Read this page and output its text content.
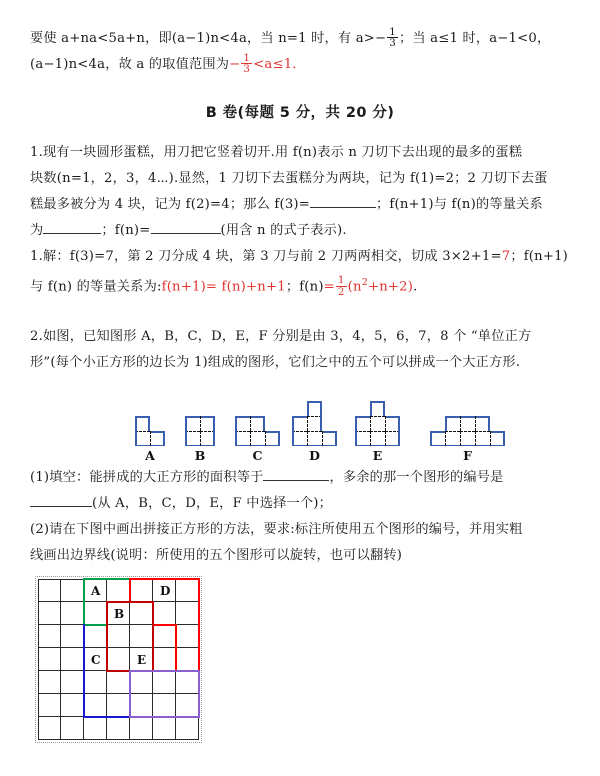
要使 a+na<5a+n，即(a−1)n<4a，当 n=1 时，有 $a>- \frac{1}{3}$ ；当 a≤1 时，a−1<0，

(a−1)n<4a，故 a 的取值范围为− $\frac{1}{3} <a\le 1$．

B 卷(每题 5 分，共 20 分)

1.现有一块圆形蛋糕，用刀把它竖着切开.用 f(n)表示 n 刀切下去出现的最多的蛋糕

块数(n=1，2，3，4⋯).显然，1 刀切下去蛋糕分为两块，记为 f(1)=2；2 刀切下去蛋

糕最多被分为 4 块，记为 f(2)=4；那么 f(3)=	；f(n+1)与 f(n)的等量关系

为	；f(n)=	(用含 n 的式子表示).

1.解：f(3)=7，第 2 刀分成 4 块，第 3 刀与前 2 刀两两相交，切成 3×2+1=7；f(n+1)

与 f(n) 的等量关系为:f(n+1)= f(n)+n+1；$f(n)= \frac{1}{2} (n^2+n+2)$.

2.如图，已知图形 A，B，C，D，E，F 分别是由 3，4，5，6，7，8 个 “单位正方

形”(每个小正方形的边长为 1)组成的图形，它们之中的五个可以拼成一个大正方形.

A	B	C	D	E	F

(1)填空：能拼成的大正方形的面积等于	，多余的那一个图形的编号是

(从 A，B，C，D，E，F 中选择一个)；

(2)请在下图中画出拼接正方形的方法，要求:标注所使用五个图形的编号，并用实粗

线画出边界线(说明：所使用的五个图形可以旋转，也可以翻转)

A
B
D
C	E
